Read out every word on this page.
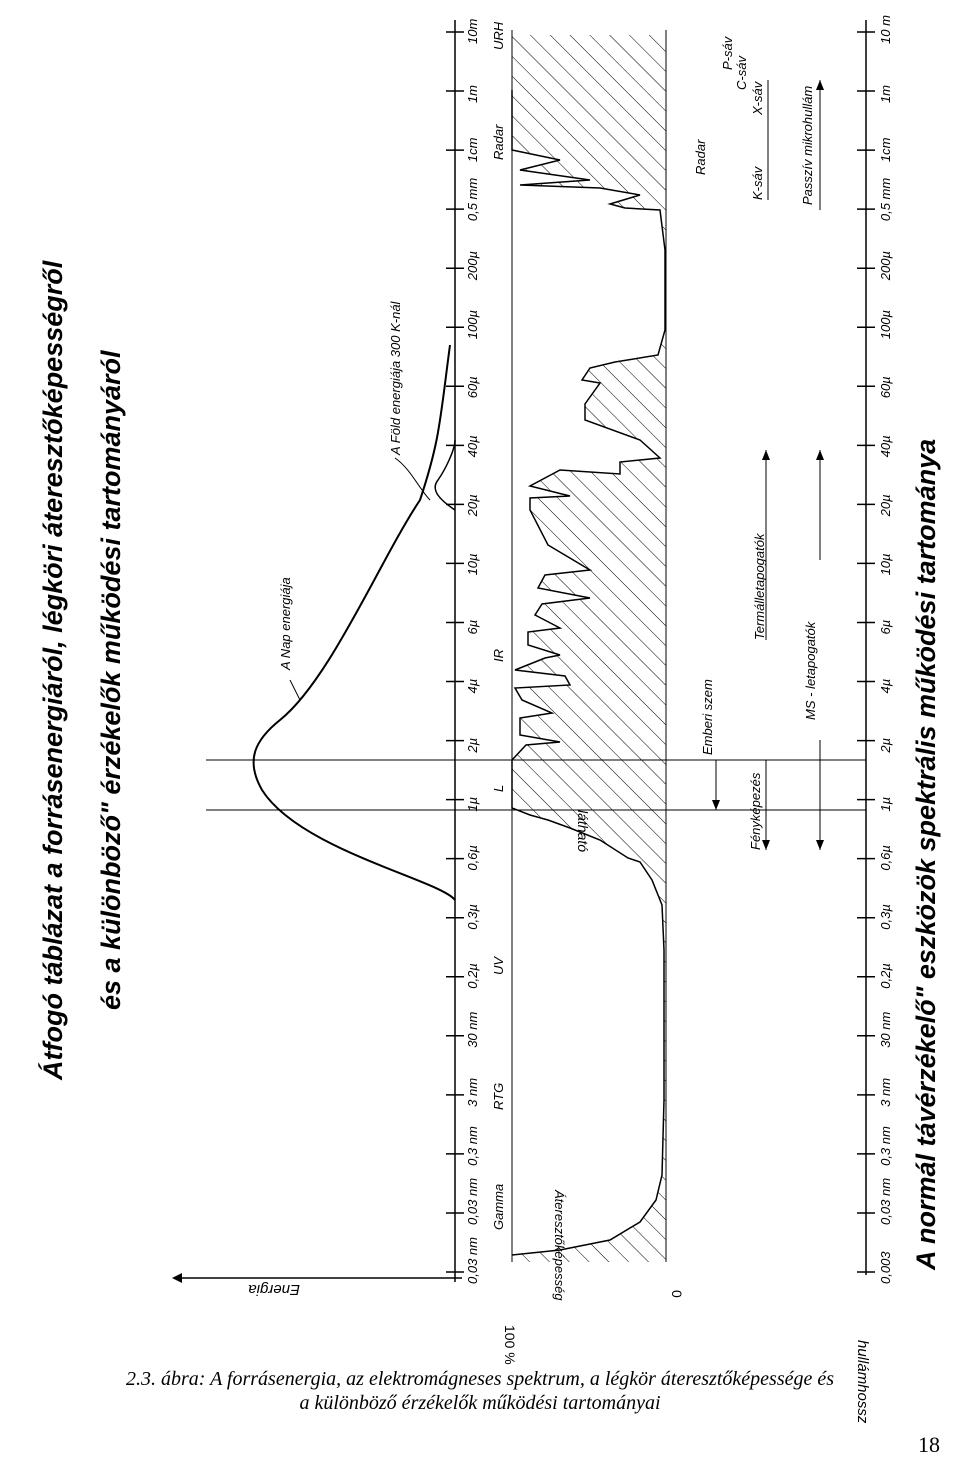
Átfogó táblázat a forrásenergiáról, légköri áteresztőképességről és a különböző" érzékelők működési tartományáról
Energia
A Nap energiája
A Föld energiája 300 K-nál
0,03 nm	0,003
0,03 nm	0,03 nm
0,3 nm	0,3 nm
3 nm	3 nm
30 nm	30 nm
0,2µ	0,2µ
0,3µ	0,3µ
0,6µ	0,6µ
1µ	1µ
2µ	2µ
4µ	4µ
6µ	6µ
10µ	10µ
20µ	20µ
40µ	40µ
60µ	60µ
100µ	100µ
200µ	200µ
0,5 mm	0,5 mm
1cm	1cm
1m	1m
10m	10 m
Gamma
RTG
UV
L
IR
Radar
URH
Áteresztőképesség
100 %
0
látható	Fényképezés
Emberi szem
Termálletapogatók
MS - letapogatók
Radar
K-sáv
X-sáv
C-sáv
P-sáv
Passzív mikrohullám
hullámhossz
A normál távérzékelő" eszközök spektrális működési tartománya
2.3. ábra: A forrásenergia, az elektromágneses spektrum, a légkör áteresztőképessége és
a különböző érzékelők működési tartományai
18
